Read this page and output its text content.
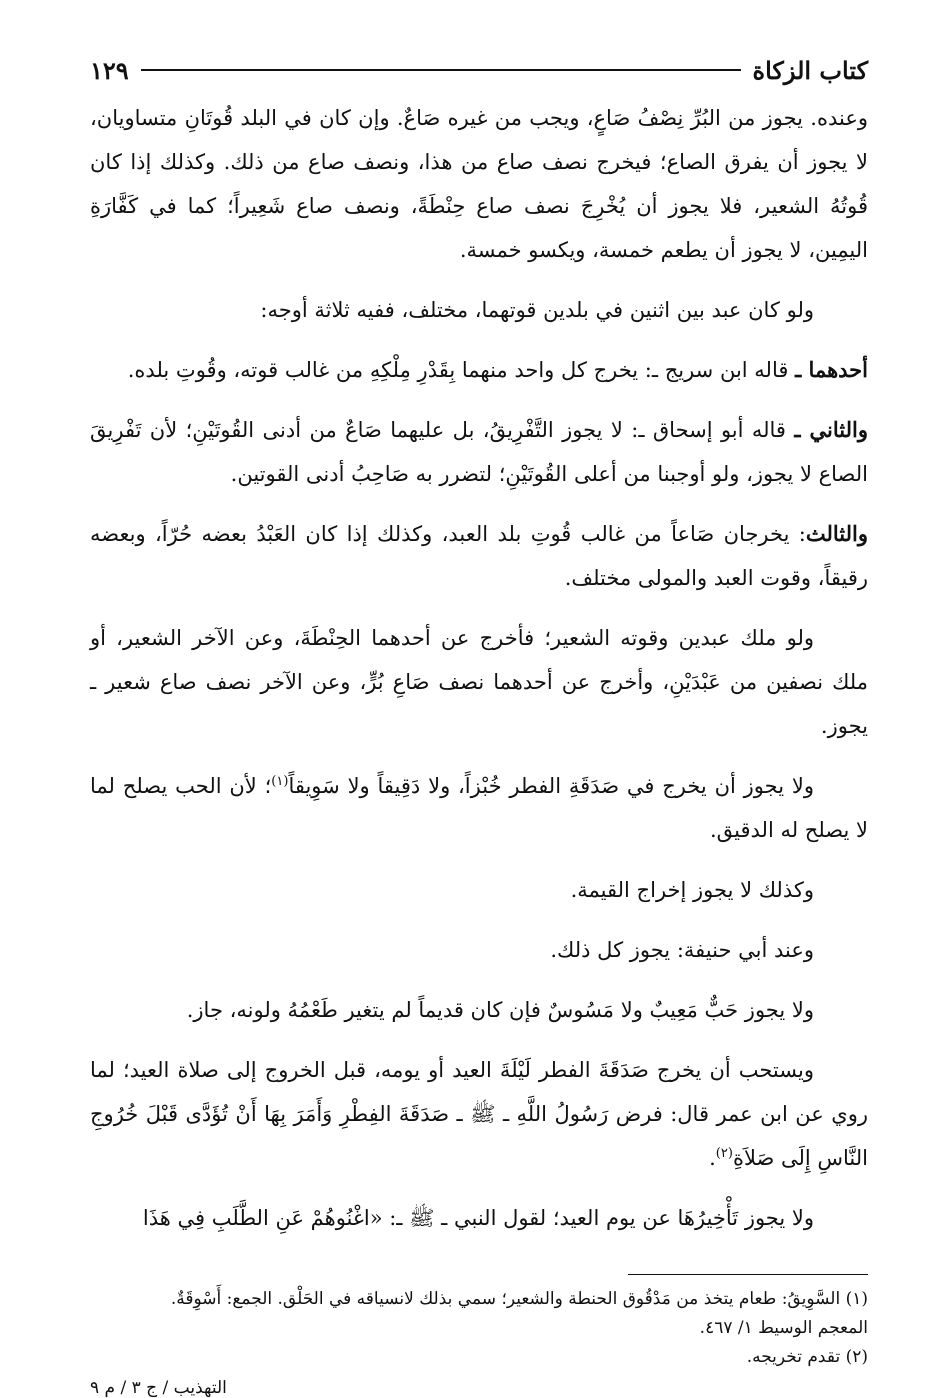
كتاب الزكاة
١٢٩

وعنده. يجوز من البُرِّ نِصْفُ صَاعٍ، ويجب من غيره صَاعٌ. وإن كان في البلد قُوتَانِ متساويان، لا يجوز أن يفرق الصاع؛ فيخرج نصف صاع من هذا، ونصف صاع من ذلك. وكذلك إذا كان قُوتُهُ الشعير، فلا يجوز أن يُخْرِجَ نصف صاع حِنْطَةً، ونصف صاع شَعِيراً؛ كما في كَفَّارَةِ اليمِين، لا يجوز أن يطعم خمسة، ويكسو خمسة.

ولو كان عبد بين اثنين في بلدين قوتهما، مختلف، ففيه ثلاثة أوجه:

أحدهما ـ قاله ابن سريج ـ: يخرج كل واحد منهما بِقَدْرِ مِلْكِهِ من غالب قوته، وقُوتِ بلده.

والثاني ـ قاله أبو إسحاق ـ: لا يجوز التَّفْرِيقُ، بل عليهما صَاعٌ من أدنى القُوتَيْنِ؛ لأن تَفْرِيقَ الصاع لا يجوز، ولو أوجبنا من أعلى القُوتَيْنِ؛ لتضرر به صَاحِبُ أدنى القوتين.

والثالث: يخرجان صَاعاً من غالب قُوتِ بلد العبد، وكذلك إذا كان العَبْدُ بعضه حُرّاً، وبعضه رقيقاً، وقوت العبد والمولى مختلف.

ولو ملك عبدين وقوته الشعير؛ فأخرج عن أحدهما الحِنْطَةَ، وعن الآخر الشعير، أو ملك نصفين من عَبْدَيْنِ، وأخرج عن أحدهما نصف صَاعِ بُرٍّ، وعن الآخر نصف صاع شعير ـ يجوز.

ولا يجوز أن يخرج في صَدَقَةِ الفطر خُبْزاً، ولا دَقِيقاً ولا سَوِيقاً$^{(١)}$؛ لأن الحب يصلح لما لا يصلح له الدقيق.

وكذلك لا يجوز إخراج القيمة.

وعند أبي حنيفة: يجوز كل ذلك.

ولا يجوز حَبٌّ مَعِيبٌ ولا مَسُوسٌ فإن كان قديماً لم يتغير طَعْمُهُ ولونه، جاز.

ويستحب أن يخرج صَدَقَةَ الفطر لَيْلَةَ العيد أو يومه، قبل الخروج إلى صلاة العيد؛ لما روي عن ابن عمر قال: فرض رَسُولُ اللَّهِ ـ ﷺ ـ صَدَقَةَ الفِطْرِ وَأَمَرَ بِهَا أَنْ تُؤَدَّى قَبْلَ خُرُوجِ النَّاسِ إِلَى صَلاَةِ$^{(٢)}$.

ولا يجوز تَأْخِيرُهَا عن يوم العيد؛ لقول النبي ـ ﷺ ـ: «اغْنُوهُمْ عَنِ الطَّلَبِ فِي هَذَا

(١) السَّوِيقُ: طعام يتخذ من مَدْقُوق الحنطة والشعير؛ سمي بذلك لانسياقه في الحَلْق. الجمع: أَسْوِقَةٌ.

المعجم الوسيط ١/ ٤٦٧.

(٢) تقدم تخريجه.

التهذيب / ج ٣ / م ٩
